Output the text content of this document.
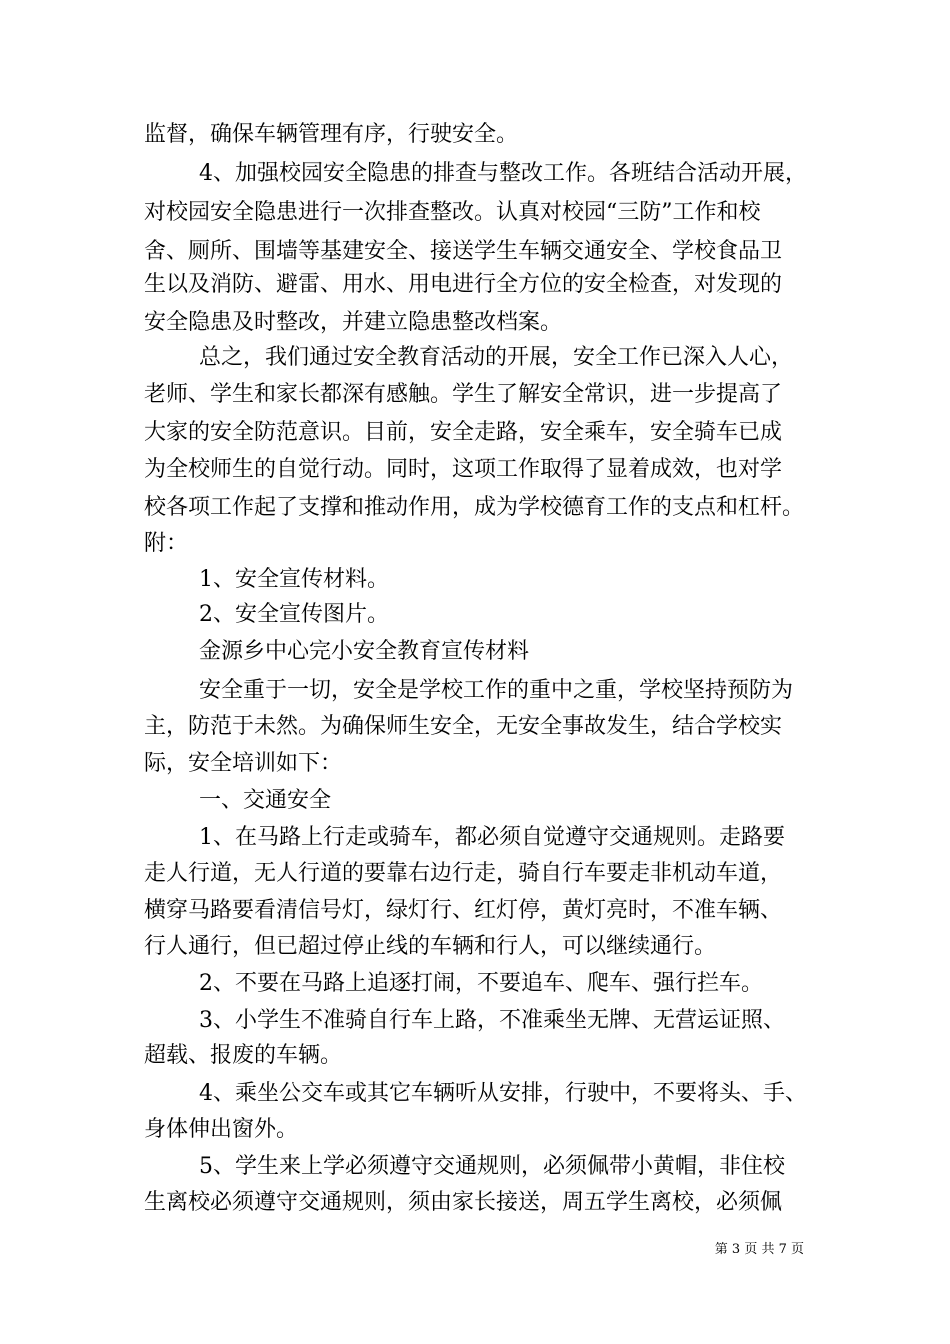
监督，确保车辆管理有序，行驶安全。
4、加强校园安全隐患的排查与整改工作。各班结合活动开展，
对校园安全隐患进行一次排查整改。认真对校园“三防”工作和校
舍、厕所、围墙等基建安全、接送学生车辆交通安全、学校食品卫
生以及消防、避雷、用水、用电进行全方位的安全检查，对发现的
安全隐患及时整改，并建立隐患整改档案。
总之，我们通过安全教育活动的开展，安全工作已深入人心，
老师、学生和家长都深有感触。学生了解安全常识，进一步提高了
大家的安全防范意识。目前，安全走路，安全乘车，安全骑车已成
为全校师生的自觉行动。同时，这项工作取得了显着成效，也对学
校各项工作起了支撑和推动作用，成为学校德育工作的支点和杠杆。
附：
1、安全宣传材料。
2、安全宣传图片。
金源乡中心完小安全教育宣传材料
安全重于一切，安全是学校工作的重中之重，学校坚持预防为
主，防范于未然。为确保师生安全，无安全事故发生，结合学校实
际，安全培训如下：
一、交通安全
1、在马路上行走或骑车，都必须自觉遵守交通规则。走路要
走人行道，无人行道的要靠右边行走，骑自行车要走非机动车道，
横穿马路要看清信号灯，绿灯行、红灯停，黄灯亮时，不准车辆、
行人通行，但已超过停止线的车辆和行人，可以继续通行。
2、不要在马路上追逐打闹，不要追车、爬车、强行拦车。
3、小学生不准骑自行车上路，不准乘坐无牌、无营运证照、
超载、报废的车辆。
4、乘坐公交车或其它车辆听从安排，行驶中，不要将头、手、
身体伸出窗外。
5、学生来上学必须遵守交通规则，必须佩带小黄帽，非住校
生离校必须遵守交通规则，须由家长接送，周五学生离校，必须佩
第 3 页 共 7 页
